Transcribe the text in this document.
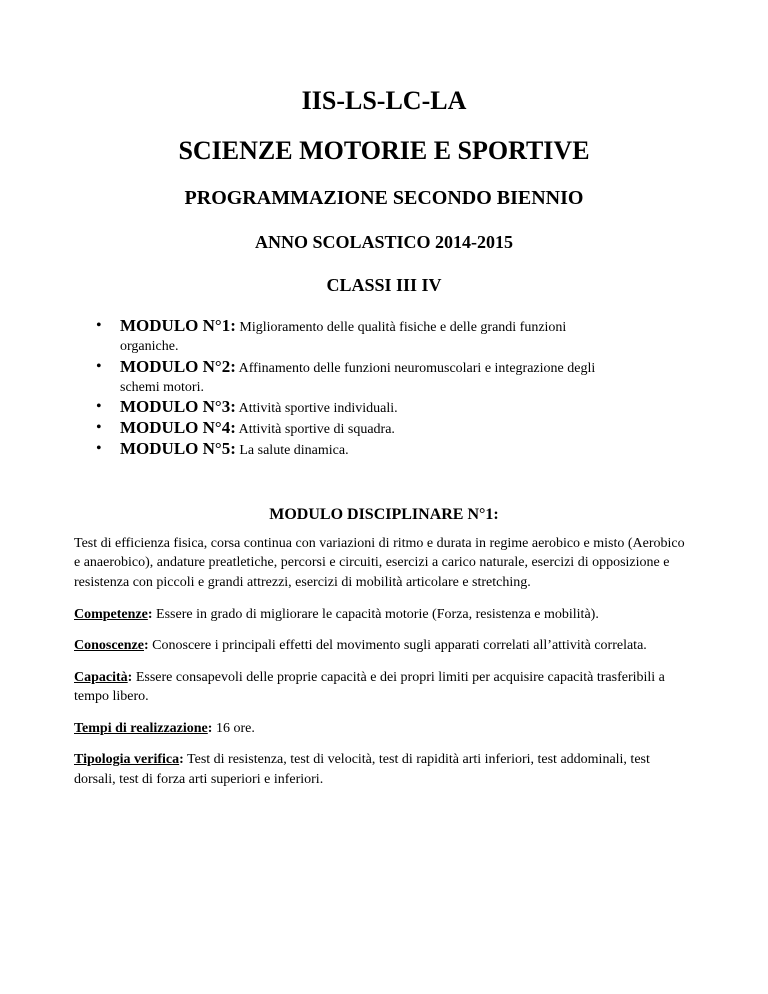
IIS-LS-LC-LA

SCIENZE MOTORIE E SPORTIVE

PROGRAMMAZIONE SECONDO BIENNIO

ANNO SCOLASTICO 2014-2015

CLASSI III IV

• MODULO N°1: Miglioramento delle qualità fisiche e delle grandi funzioni
organiche.
• MODULO N°2: Affinamento delle funzioni neuromuscolari e integrazione degli
schemi motori.
• MODULO N°3: Attività sportive individuali.
• MODULO N°4: Attività sportive di squadra.
• MODULO N°5: La salute dinamica.

MODULO DISCIPLINARE N°1:

Test di efficienza fisica, corsa continua con variazioni di ritmo e durata in regime aerobico e misto (Aerobico e anaerobico), andature preatletiche, percorsi e circuiti, esercizi a carico naturale, esercizi di opposizione e resistenza con piccoli e grandi attrezzi, esercizi di mobilità articolare e stretching.

Competenze: Essere in grado di migliorare le capacità motorie (Forza, resistenza e mobilità).

Conoscenze: Conoscere i principali effetti del movimento sugli apparati correlati all’attività correlata.

Capacità: Essere consapevoli delle proprie capacità e dei propri limiti per acquisire capacità trasferibili a tempo libero.

Tempi di realizzazione: 16 ore.

Tipologia verifica: Test di resistenza, test di velocità, test di rapidità arti inferiori, test addominali, test dorsali, test di forza arti superiori e inferiori.
